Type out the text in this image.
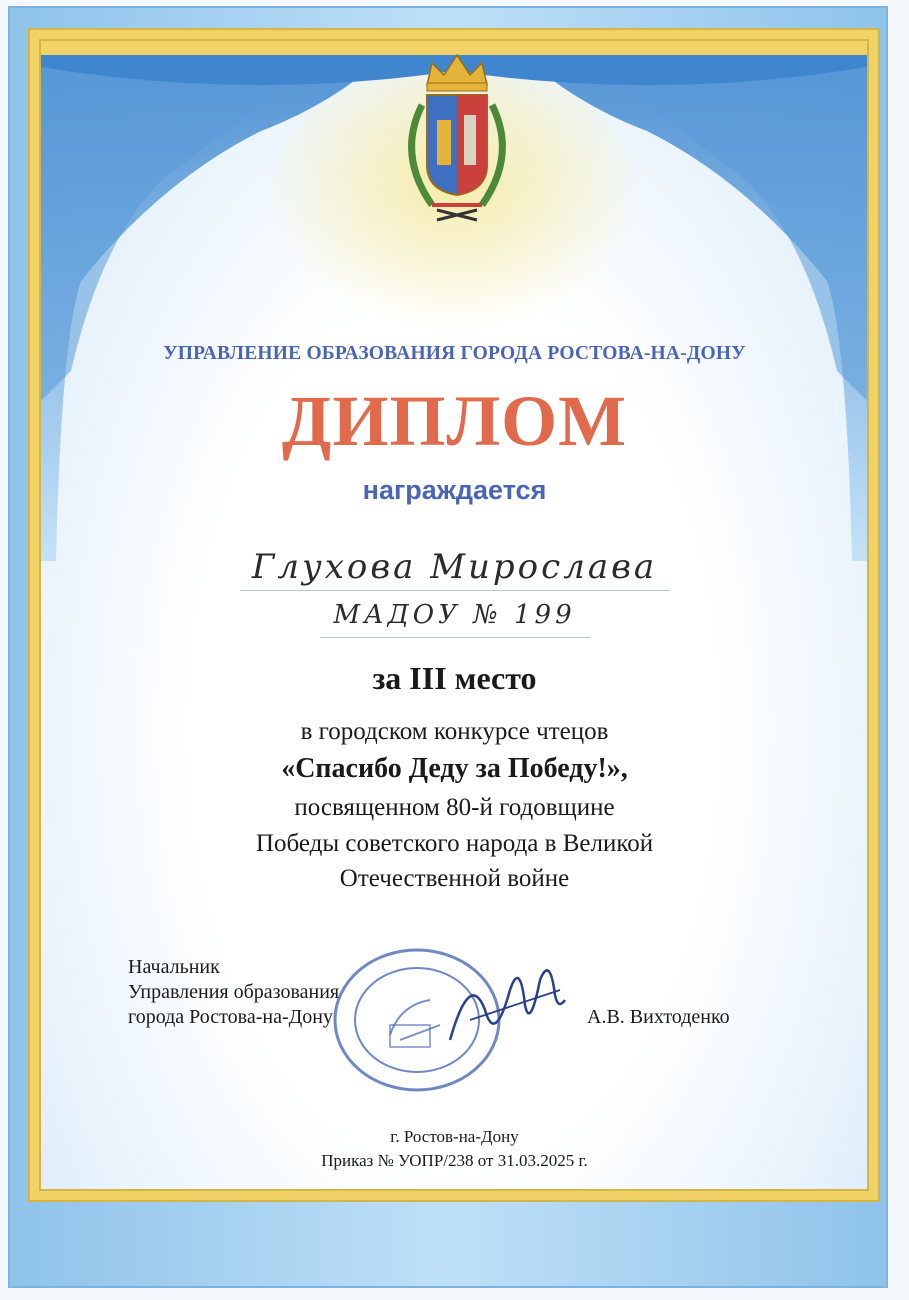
УПРАВЛЕНИЕ ОБРАЗОВАНИЯ ГОРОДА РОСТОВА-НА-ДОНУ
ДИПЛОМ
награждается
Глухова Мирослава
МАДОУ № 199
за III место
в городском конкурсе чтецов
«Спасибо Деду за Победу!»,
посвященном 80-й годовщине
Победы советского народа в Великой
Отечественной войне
Начальник
Управления образования
города Ростова-на-Дону	А.В. Вихтоденко
г. Ростов-на-Дону
Приказ № УОПР/238 от 31.03.2025 г.
